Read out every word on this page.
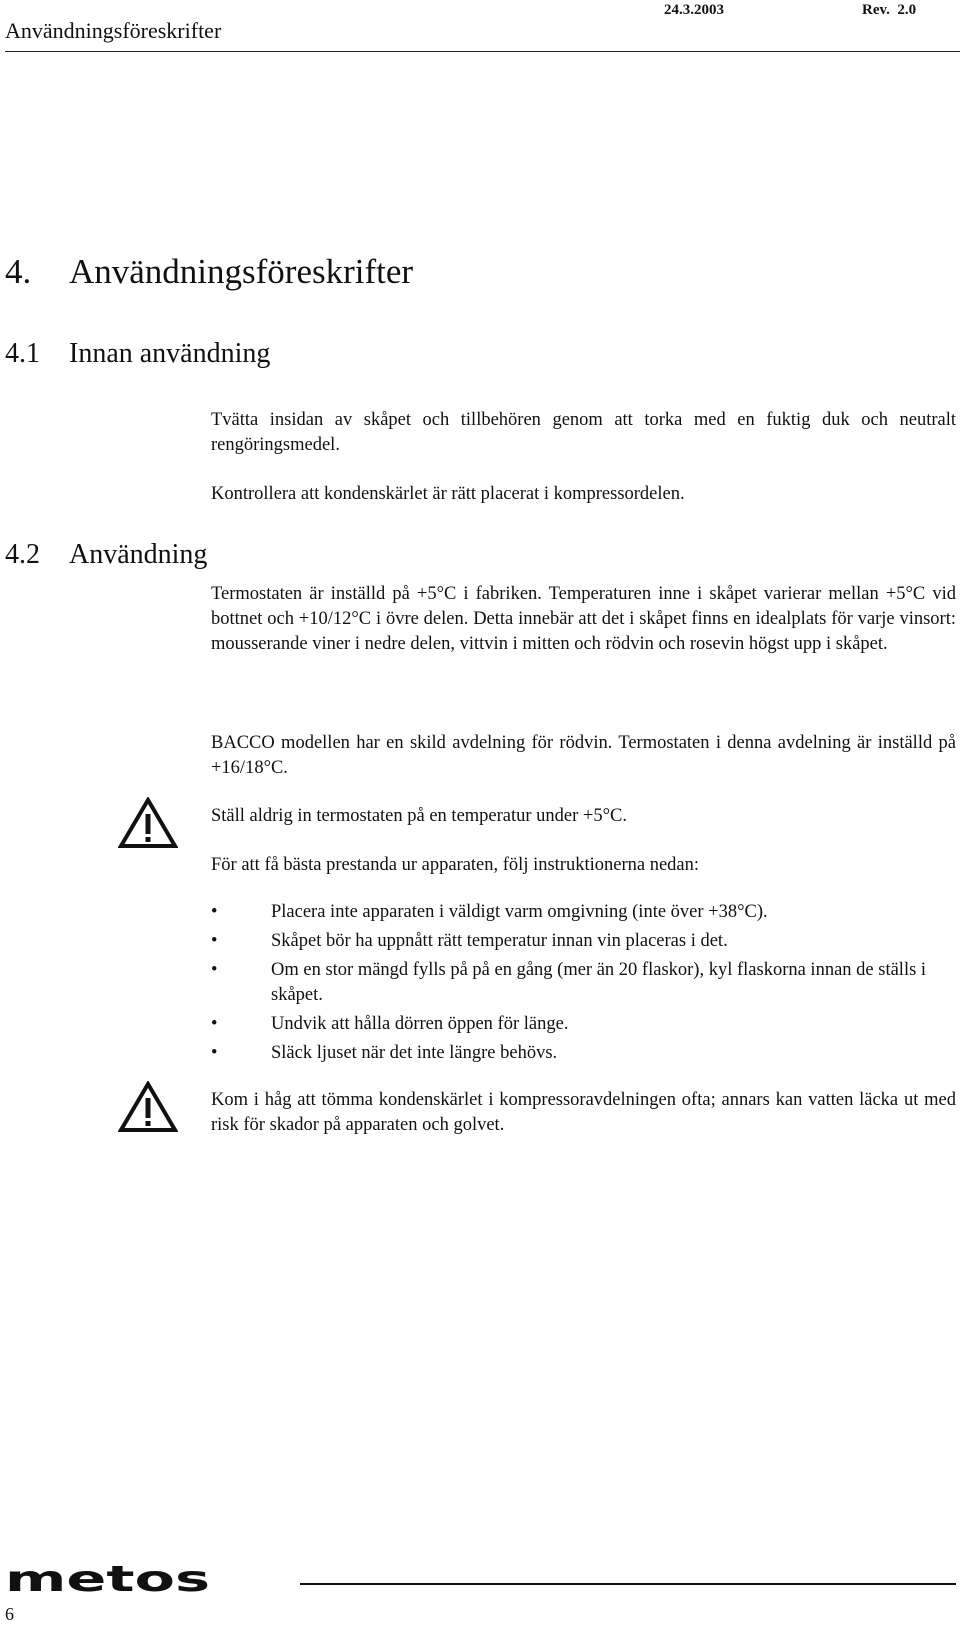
Användningsföreskrifter
24.3.2003	Rev.  2.0
4. Användningsföreskrifter
4.1 Innan användning
Tvätta insidan av skåpet och tillbehören genom att torka med en fuktig duk och neutralt rengöringsmedel.
Kontrollera att kondenskärlet är rätt placerat i kompressordelen.
4.2 Användning
Termostaten är inställd på +5°C i fabriken. Temperaturen inne i skåpet varierar mellan +5°C vid bottnet och +10/12°C i övre delen. Detta innebär att det i skåpet finns en idealplats för varje vinsort: mousserande viner i nedre delen, vittvin i mitten och rödvin och rosevin högst upp i skåpet.
BACCO modellen har en skild avdelning för rödvin. Termostaten i denna avdelning är inställd på +16/18°C.
Ställ aldrig in termostaten på en temperatur under +5°C.
För att få bästa prestanda ur apparaten, följ instruktionerna nedan:
•	Placera inte apparaten i väldigt varm omgivning (inte över +38°C).
•	Skåpet bör ha uppnått rätt temperatur innan vin placeras i det.
•	Om en stor mängd fylls på på en gång (mer än 20 flaskor), kyl flaskorna innan de ställs i skåpet.
•	Undvik att hålla dörren öppen för länge.
•	Släck ljuset när det inte längre behövs.
Kom i håg att tömma kondenskärlet i kompressoravdelningen ofta; annars kan vatten läcka ut med risk för skador på apparaten och golvet.
metos
6
